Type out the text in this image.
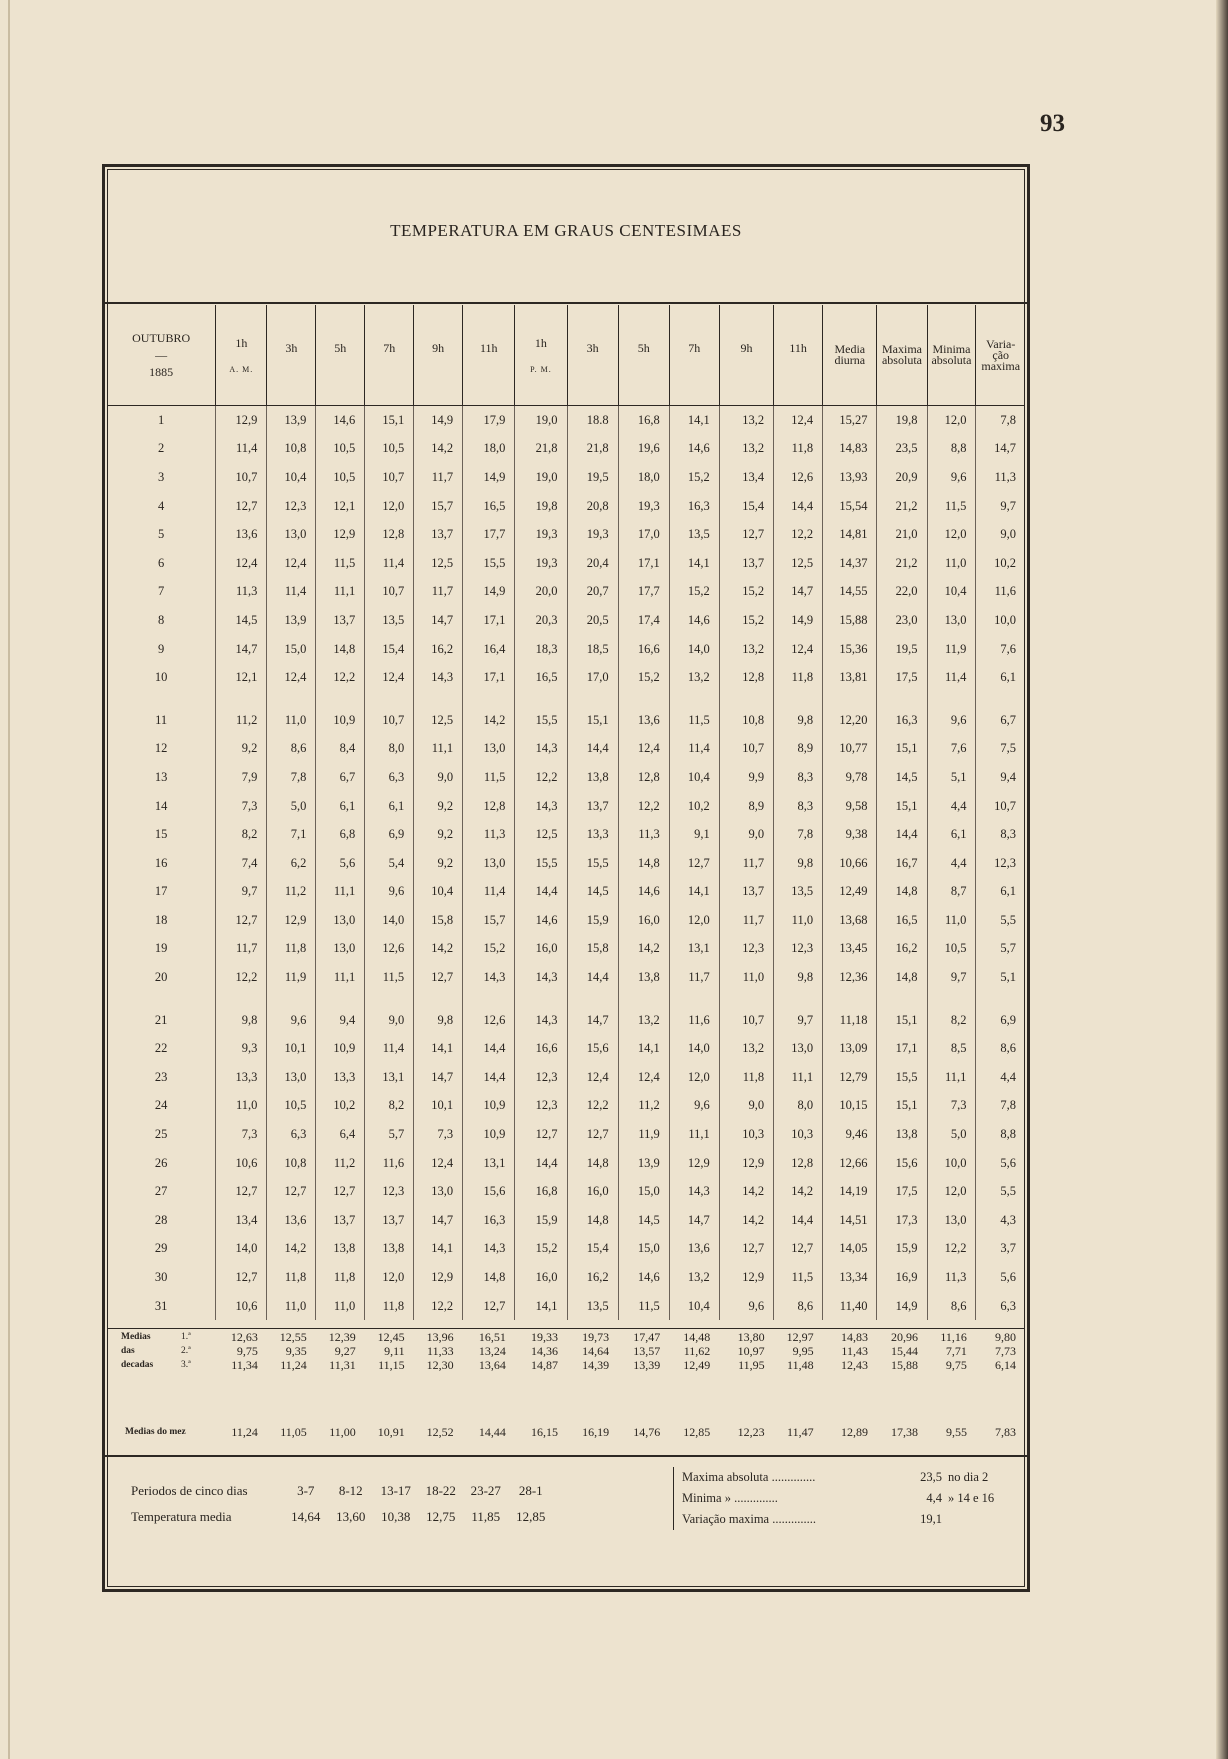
93
TEMPERATURA EM GRAUS CENTESIMAES
OUTUBRO
—
1885	1h
A. M.	3h	5h	7h	9h	11h	1h
P. M.	3h	5h	7h	9h	11h	Media diurna	Maxima absoluta	Minima absoluta	Varia- ção maxima

1	12,9	13,9	14,6	15,1	14,9	17,9	19,0	18.8	16,8	14,1	13,2	12,4	15,27	19,8	12,0	7,8
2	11,4	10,8	10,5	10,5	14,2	18,0	21,8	21,8	19,6	14,6	13,2	11,8	14,83	23,5	8,8	14,7
3	10,7	10,4	10,5	10,7	11,7	14,9	19,0	19,5	18,0	15,2	13,4	12,6	13,93	20,9	9,6	11,3
4	12,7	12,3	12,1	12,0	15,7	16,5	19,8	20,8	19,3	16,3	15,4	14,4	15,54	21,2	11,5	9,7
5	13,6	13,0	12,9	12,8	13,7	17,7	19,3	19,3	17,0	13,5	12,7	12,2	14,81	21,0	12,0	9,0
6	12,4	12,4	11,5	11,4	12,5	15,5	19,3	20,4	17,1	14,1	13,7	12,5	14,37	21,2	11,0	10,2
7	11,3	11,4	11,1	10,7	11,7	14,9	20,0	20,7	17,7	15,2	15,2	14,7	14,55	22,0	10,4	11,6
8	14,5	13,9	13,7	13,5	14,7	17,1	20,3	20,5	17,4	14,6	15,2	14,9	15,88	23,0	13,0	10,0
9	14,7	15,0	14,8	15,4	16,2	16,4	18,3	18,5	16,6	14,0	13,2	12,4	15,36	19,5	11,9	7,6
10	12,1	12,4	12,2	12,4	14,3	17,1	16,5	17,0	15,2	13,2	12,8	11,8	13,81	17,5	11,4	6,1

11	11,2	11,0	10,9	10,7	12,5	14,2	15,5	15,1	13,6	11,5	10,8	9,8	12,20	16,3	9,6	6,7
12	9,2	8,6	8,4	8,0	11,1	13,0	14,3	14,4	12,4	11,4	10,7	8,9	10,77	15,1	7,6	7,5
13	7,9	7,8	6,7	6,3	9,0	11,5	12,2	13,8	12,8	10,4	9,9	8,3	9,78	14,5	5,1	9,4
14	7,3	5,0	6,1	6,1	9,2	12,8	14,3	13,7	12,2	10,2	8,9	8,3	9,58	15,1	4,4	10,7
15	8,2	7,1	6,8	6,9	9,2	11,3	12,5	13,3	11,3	9,1	9,0	7,8	9,38	14,4	6,1	8,3
16	7,4	6,2	5,6	5,4	9,2	13,0	15,5	15,5	14,8	12,7	11,7	9,8	10,66	16,7	4,4	12,3
17	9,7	11,2	11,1	9,6	10,4	11,4	14,4	14,5	14,6	14,1	13,7	13,5	12,49	14,8	8,7	6,1
18	12,7	12,9	13,0	14,0	15,8	15,7	14,6	15,9	16,0	12,0	11,7	11,0	13,68	16,5	11,0	5,5
19	11,7	11,8	13,0	12,6	14,2	15,2	16,0	15,8	14,2	13,1	12,3	12,3	13,45	16,2	10,5	5,7
20	12,2	11,9	11,1	11,5	12,7	14,3	14,3	14,4	13,8	11,7	11,0	9,8	12,36	14,8	9,7	5,1

21	9,8	9,6	9,4	9,0	9,8	12,6	14,3	14,7	13,2	11,6	10,7	9,7	11,18	15,1	8,2	6,9
22	9,3	10,1	10,9	11,4	14,1	14,4	16,6	15,6	14,1	14,0	13,2	13,0	13,09	17,1	8,5	8,6
23	13,3	13,0	13,3	13,1	14,7	14,4	12,3	12,4	12,4	12,0	11,8	11,1	12,79	15,5	11,1	4,4
24	11,0	10,5	10,2	8,2	10,1	10,9	12,3	12,2	11,2	9,6	9,0	8,0	10,15	15,1	7,3	7,8
25	7,3	6,3	6,4	5,7	7,3	10,9	12,7	12,7	11,9	11,1	10,3	10,3	9,46	13,8	5,0	8,8
26	10,6	10,8	11,2	11,6	12,4	13,1	14,4	14,8	13,9	12,9	12,9	12,8	12,66	15,6	10,0	5,6
27	12,7	12,7	12,7	12,3	13,0	15,6	16,8	16,0	15,0	14,3	14,2	14,2	14,19	17,5	12,0	5,5
28	13,4	13,6	13,7	13,7	14,7	16,3	15,9	14,8	14,5	14,7	14,2	14,4	14,51	17,3	13,0	4,3
29	14,0	14,2	13,8	13,8	14,1	14,3	15,2	15,4	15,0	13,6	12,7	12,7	14,05	15,9	12,2	3,7
30	12,7	11,8	11,8	12,0	12,9	14,8	16,0	16,2	14,6	13,2	12,9	11,5	13,34	16,9	11,3	5,6
31	10,6	11,0	11,0	11,8	12,2	12,7	14,1	13,5	11,5	10,4	9,6	8,6	11,40	14,9	8,6	6,3
Medias	1.ª	12,63	12,55	12,39	12,45	13,96	16,51	19,33	19,73	17,47	14,48	13,80	12,97	14,83	20,96	11,16	9,80
das	2.ª	9,75	9,35	9,27	9,11	11,33	13,24	14,36	14,64	13,57	11,62	10,97	9,95	11,43	15,44	7,71	7,73
decadas	3.ª	11,34	11,24	11,31	11,15	12,30	13,64	14,87	14,39	13,39	12,49	11,95	11,48	12,43	15,88	9,75	6,14
Medias do mez	11,24	11,05	11,00	10,91	12,52	14,44	16,15	16,19	14,76	12,85	12,23	11,47	12,89	17,38	9,55	7,83
Periodos de cinco dias	3-7 8-12 13-17 18-22 23-27 28-1
Temperatura media	14,64 13,60 10,38 12,75 11,85 12,85
Maxima absoluta ..............	23,5 no dia 2
Minima » ..............	4,4 » 14 e 16
Variação maxima ..............	19,1
